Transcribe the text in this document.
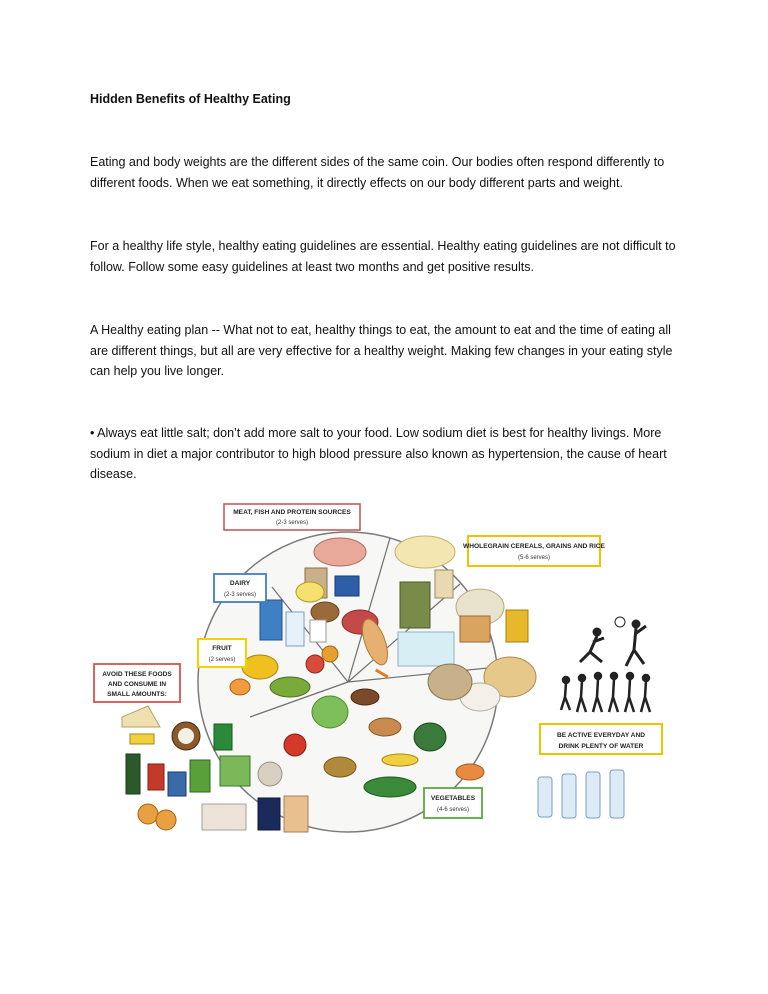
Hidden Benefits of Healthy Eating

Eating and body weights are the different sides of the same coin. Our bodies often respond differently to different foods. When we eat something, it directly effects on our body different parts and weight.

For a healthy life style, healthy eating guidelines are essential. Healthy eating guidelines are not difficult to follow. Follow some easy guidelines at least two months and get positive results.

A Healthy eating plan -- What not to eat, healthy things to eat, the amount to eat and the time of eating all are different things, but all are very effective for a healthy weight. Making few changes in your eating style can help you live longer.

• Always eat little salt; don’t add more salt to your food. Low sodium diet is best for healthy livings. More sodium in diet a major contributor to high blood pressure also known as hypertension, the cause of heart disease.

MEAT, FISH AND PROTEIN SOURCES
(2-3 serves)
WHOLEGRAIN CEREALS, GRAINS AND RICE
(5-6 serves)
DAIRY
(2-3 serves)
FRUIT
(2 serves)
AVOID THESE FOODS
AND CONSUME IN
SMALL AMOUNTS:
BE ACTIVE EVERYDAY AND
DRINK PLENTY OF WATER
VEGETABLES
(4-6 serves)
